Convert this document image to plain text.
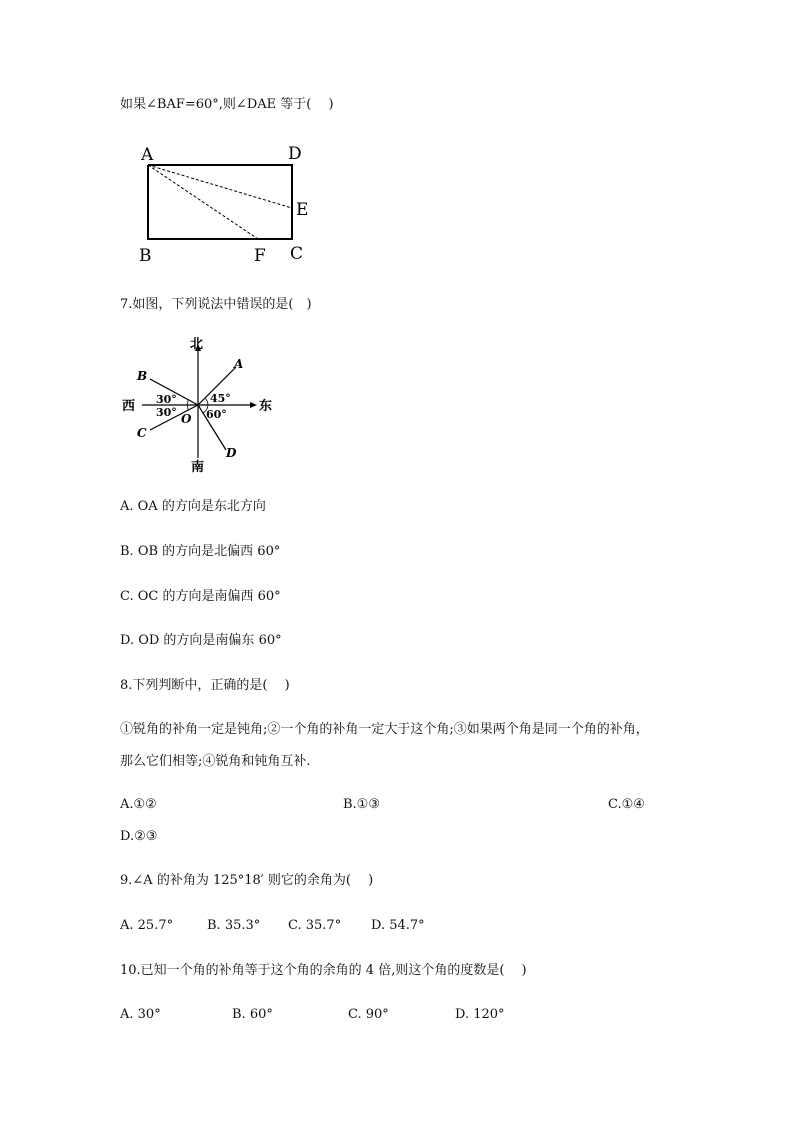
如果∠BAF=60°,则∠DAE 等于(　 )
A	D
E
B	F C
7.如图，下列说法中错误的是(　)
北
南
西	东
A
B
C
D
O
30°
30°
45°
60°
A. OA 的方向是东北方向
B. OB 的方向是北偏西 60°
C. OC 的方向是南偏西 60°
D. OD 的方向是南偏东 60°
8.下列判断中，正确的是(　 )
①锐角的补角一定是钝角;②一个角的补角一定大于这个角;③如果两个角是同一个角的补角，
那么它们相等;④锐角和钝角互补.
A.①②	B.①③	C.①④
D.②③
9.∠A 的补角为 125°18′ 则它的余角为(　 )
A. 25.7°	B. 35.3° C. 35.7° D. 54.7°
10.已知一个角的补角等于这个角的余角的 4 倍,则这个角的度数是(　 )
A. 30°	B. 60°	C. 90°	D. 120°
